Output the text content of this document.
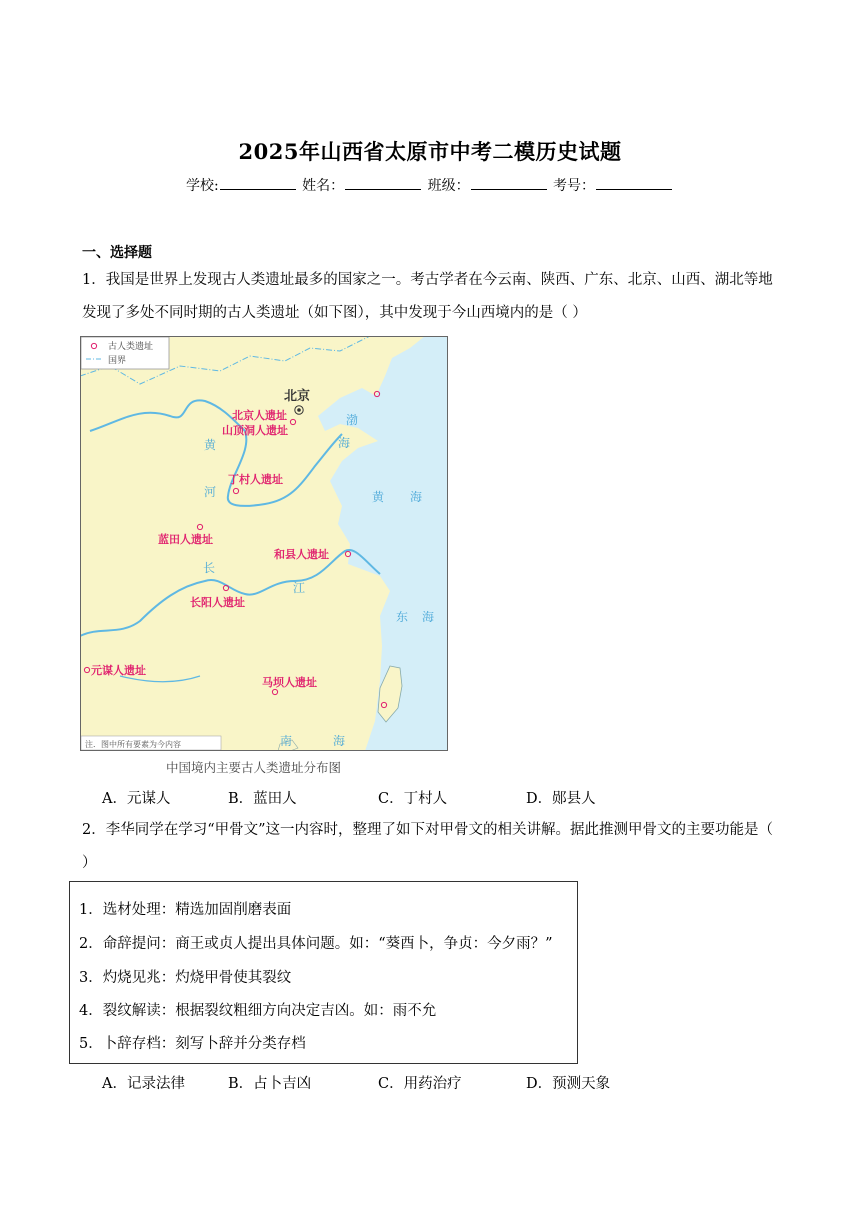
2025年山西省太原市中考二模历史试题
学校:	姓名：	班级：	考号：
一、选择题
1．我国是世界上发现古人类遗址最多的国家之一。考古学者在今云南、陕西、广东、北京、山西、湖北等地发现了多处不同时期的古人类遗址（如下图），其中发现于今山西境内的是（ ）
古人类遗址
国界
北京
北京人遗址
山顶洞人遗址
丁村人遗址
蓝田人遗址
和县人遗址
长阳人遗址
元谋人遗址
马坝人遗址
黄
河
长
江
渤
海
黄 海
东 海
南	海
注．图中所有要素为今内容
中国境内主要古人类遗址分布图
A．元谋人	B．蓝田人	C．丁村人	D．郧县人
2．李华同学在学习“甲骨文”这一内容时，整理了如下对甲骨文的相关讲解。据此推测甲骨文的主要功能是（ ）
1．选材处理：精选加固削磨表面
2．命辞提问：商王或贞人提出具体问题。如：“葵酉卜，争贞：今夕雨？”
3．灼烧见兆：灼烧甲骨使其裂纹
4．裂纹解读：根据裂纹粗细方向决定吉凶。如：雨不允
5．卜辞存档：刻写卜辞并分类存档
A．记录法律	B．占卜吉凶	C．用药治疗	D．预测天象
